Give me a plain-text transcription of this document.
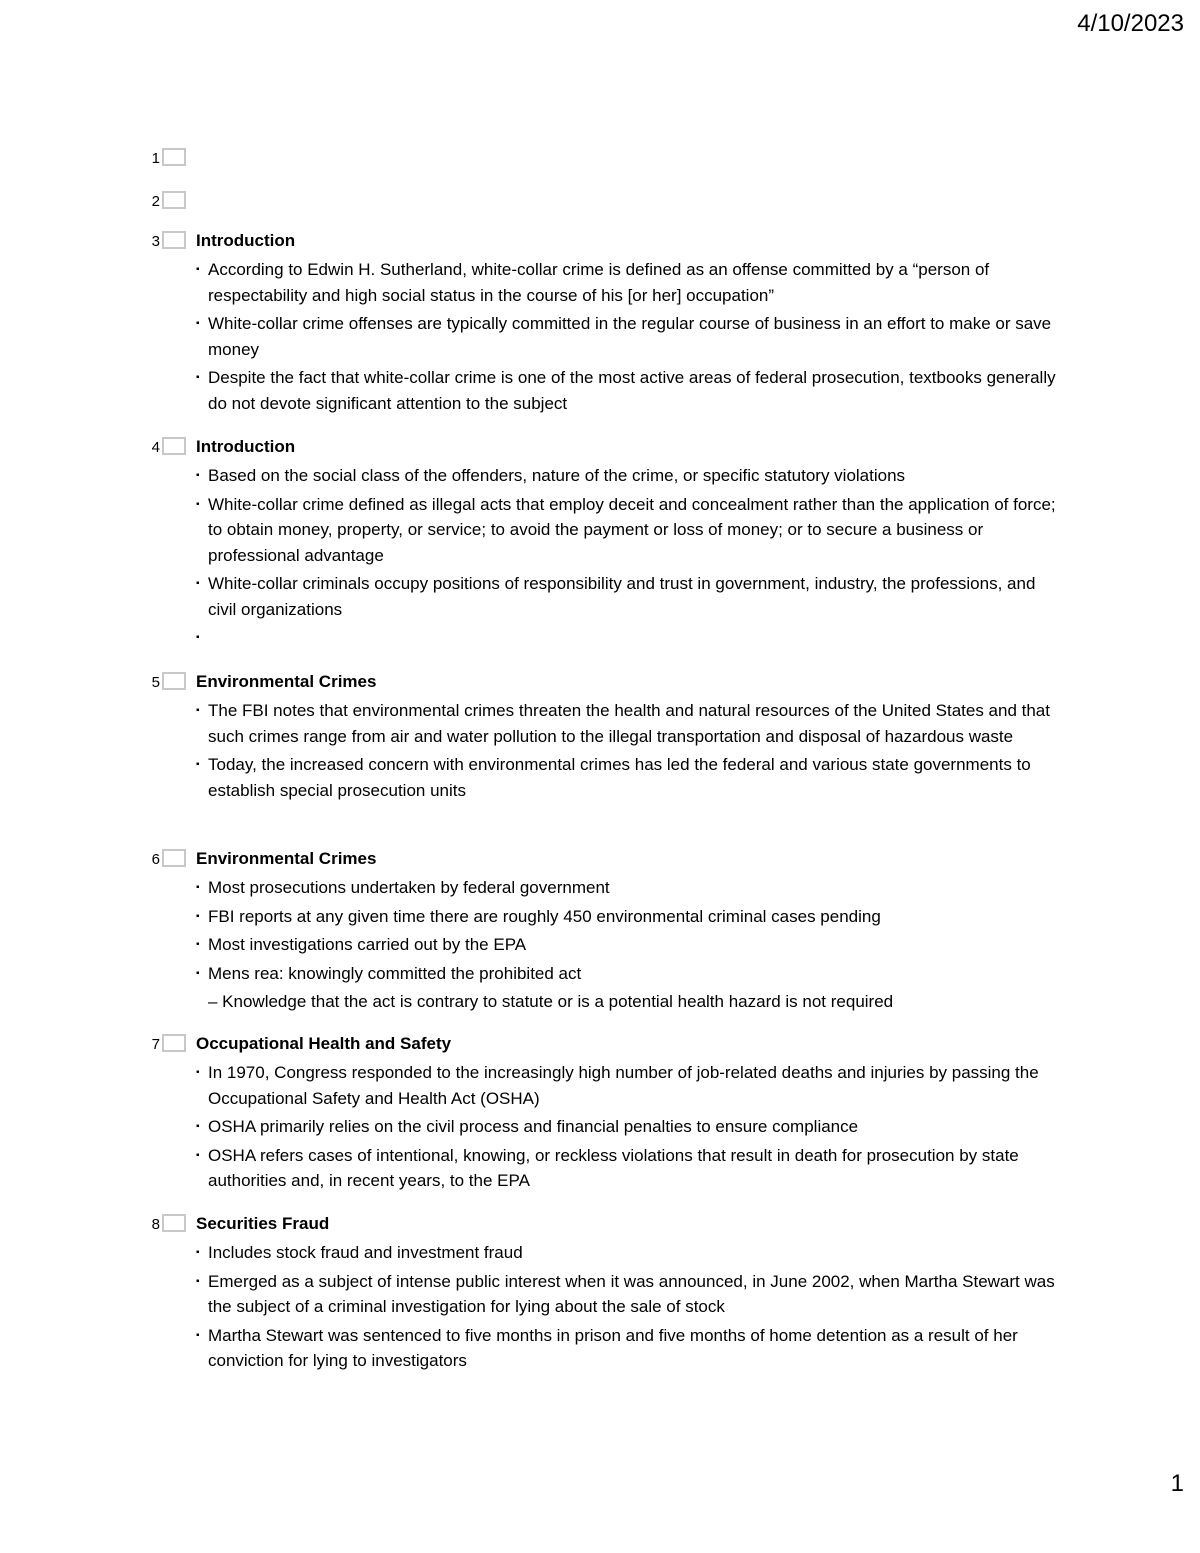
4/10/2023
1
2
3 Introduction
▪ According to Edwin H. Sutherland, white-collar crime is defined as an offense committed by a “person of respectability and high social status in the course of his [or her] occupation”
▪ White-collar crime offenses are typically committed in the regular course of business in an effort to make or save money
▪ Despite the fact that white-collar crime is one of the most active areas of federal prosecution, textbooks generally do not devote significant attention to the subject
4 Introduction
▪ Based on the social class of the offenders, nature of the crime, or specific statutory violations
▪ White-collar crime defined as illegal acts that employ deceit and concealment rather than the application of force; to obtain money, property, or service; to avoid the payment or loss of money; or to secure a business or professional advantage
▪ White-collar criminals occupy positions of responsibility and trust in government, industry, the professions, and civil organizations
▪
5 Environmental Crimes
▪ The FBI notes that environmental crimes threaten the health and natural resources of the United States and that such crimes range from air and water pollution to the illegal transportation and disposal of hazardous waste
▪ Today, the increased concern with environmental crimes has led the federal and various state governments to establish special prosecution units
6 Environmental Crimes
▪ Most prosecutions undertaken by federal government
▪ FBI reports at any given time there are roughly 450 environmental criminal cases pending
▪ Most investigations carried out by the EPA
▪ Mens rea: knowingly committed the prohibited act
– Knowledge that the act is contrary to statute or is a potential health hazard is not required
7 Occupational Health and Safety
▪ In 1970, Congress responded to the increasingly high number of job-related deaths and injuries by passing the Occupational Safety and Health Act (OSHA)
▪ OSHA primarily relies on the civil process and financial penalties to ensure compliance
▪ OSHA refers cases of intentional, knowing, or reckless violations that result in death for prosecution by state authorities and, in recent years, to the EPA
8 Securities Fraud
▪ Includes stock fraud and investment fraud
▪ Emerged as a subject of intense public interest when it was announced, in June 2002, when Martha Stewart was the subject of a criminal investigation for lying about the sale of stock
▪ Martha Stewart was sentenced to five months in prison and five months of home detention as a result of her conviction for lying to investigators
1
